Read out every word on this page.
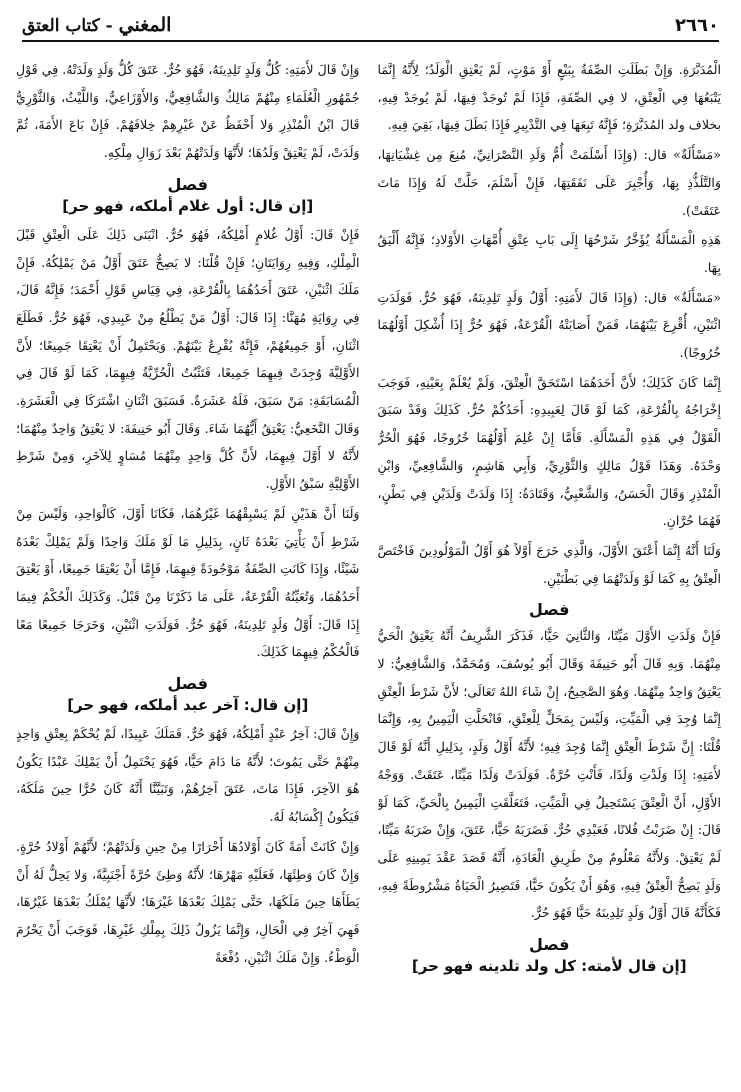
٢٦٦٠
المغني - كتاب العتق

الْمُدَبَّرَةِ. وَإِنْ بَطَلَتِ الصِّفَةُ بِبَيْعٍ أَوْ مَوْتٍ، لَمْ يَعْتِقِ الْوَلَدُ؛ لِأَنَّهُ إِنَّمَا يَتْبَعُهَا فِي الْعِتْقِ، لا فِي الصِّفَةِ، فَإِذَا لَمْ تُوجَدْ فِيهَا، لَمْ يُوجَدْ فِيهِ، بخلاف ولد المُدَبَّرَةِ؛ فَإِنَّهُ تَبِعَهَا فِي التَّدْبِيرِ فَإِذَا بَطَلَ فِيهَا، بَقِيَ فِيهِ.

«مَسْأَلَةٌ» قال: (وَإِذَا أَسْلَمَتْ أُمُّ وَلَدِ النَّصْرَانِيِّ، مُنِعَ مِن غِشْيَانِهَا، وَالتَّلَذُّذِ بِهَا، وَأُجْبِرَ عَلَى نَفَقَتِهَا، فَإِنْ أَسْلَمَ، حَلَّتْ لَهُ وَإِذَا مَاتَ عَتَقَتْ).

هَذِهِ الْمَسْأَلَةُ يُؤَخَّرُ شَرْحُهَا إِلَى بَابِ عِتْقِ أُمَّهَاتِ الأَوْلادِ؛ فَإِنَّهُ أَلْيَقُ بِهَا.

«مَسْأَلَةٌ» قال: (وَإِذَا قَالَ لأَمَتِهِ: أَوَّلُ وَلَدٍ تَلِدِينَهُ، فَهُوَ حُرٌّ. فَوَلَدَتِ اثْنَيْنِ، أُقْرِعَ بَيْنَهُمَا، فَمَنْ أَصَابَتْهُ الْقُرْعَةُ، فَهُوَ حُرٌّ إِذَا أُشْكِلَ أَوَّلُهُمَا خُرُوجًا).

إِنَّمَا كَانَ كَذَلِكَ؛ لأَنَّ أَحَدَهُمَا اسْتَحَقَّ الْعِتْقَ، وَلَمْ يُعْلَمْ بِعَيْنِهِ، فَوَجَبَ إِخْرَاجُهُ بِالْقُرْعَةِ، كَمَا لَوْ قَالَ لِعَبِيدِهِ: أَحَدُكُمْ حُرٌّ. كَذَلِكَ وَقَدْ سَبَقَ الْقَوْلُ فِي هَذِهِ الْمَسْأَلَةِ. فَأَمَّا إِنْ عُلِمَ أَوَّلُهُمَا خُرُوجًا، فَهُوَ الْحُرُّ وَحْدَهُ. وَهَذَا قَوْلُ مَالِكٍ وَالثَّوْرِيِّ، وَأَبِي هَاشِمٍ، وَالشَّافِعِيِّ، وَابْنِ الْمُنْذِرِ وَقَالَ الْحَسَنُ، وَالشَّعْبِيُّ، وَقَتَادَةُ: إِذَا وَلَدَتْ وَلَدَيْنِ فِي بَطْنٍ، فَهُمَا حُرَّانِ.

وَلَنَا أَنَّهُ إِنَّمَا أَعْتَقَ الأَوَّلَ، وَالَّذِي خَرَجَ أَوَّلاً هُوَ أَوَّلُ الْمَوْلُودِينَ فَاخْتَصَّ الْعِتْقُ بِهِ كَمَا لَوْ وَلَدَتْهُمَا فِي بَطْنَيْنِ.

فصل

فَإِنْ وَلَدَتِ الأَوَّلَ مَيِّتًا، وَالثَّانِيَ حَيًّا، فَذَكَرَ الشَّرِيفُ أَنَّهُ يَعْتِقُ الْحَيُّ مِنْهُمَا. وَبِهِ قَالَ أَبُو حَنِيفَةَ وَقَالَ أَبُو يُوسُفَ، وَمُحَمَّدٌ، وَالشَّافِعِيُّ: لا يَعْتِقُ وَاحِدٌ مِنْهُمَا. وَهُوَ الصَّحِيحُ، إِنْ شَاءَ اللهُ تَعَالَى؛ لأَنَّ شَرْطَ الْعِتْقِ إِنَّمَا وُجِدَ فِي الْمَيِّتِ، وَلَيْسَ بِمَحَلٍّ لِلْعِتْقِ، فَانْحَلَّتِ الْيَمِينُ بِهِ، وَإِنَّمَا قُلْنَا: إِنَّ شَرْطَ الْعِتْقِ إِنَّمَا وُجِدَ فِيهِ؛ لأَنَّهُ أَوَّلُ وَلَدٍ، بِدَلِيلِ أَنَّهُ لَوْ قَالَ لأَمَتِهِ: إِذَا وَلَدْتِ وَلَدًا، فَأَنْتِ حُرَّةٌ. فَوَلَدَتْ وَلَدًا مَيِّتًا، عَتَقَتْ. وَوَجْهُ الأَوَّلِ، أَنَّ الْعِتْقَ يَسْتَحِيلُ فِي الْمَيِّتِ، فَتَعَلَّقَتِ الْيَمِينُ بِالْحَيِّ، كَمَا لَوْ قَالَ: إِنْ ضَرَبْتُ فُلانًا، فَعَبْدِي حُرٌّ. فَضَرَبَهُ حَيًّا، عَتَقَ، وَإِنْ ضَرَبَهُ مَيِّتًا، لَمْ يَعْتِقْ. وَلأَنَّهُ مَعْلُومٌ مِنْ طَرِيقِ الْعَادَةِ، أَنَّهُ قَصَدَ عَقْدَ يَمِينِهِ عَلَى وَلَدٍ يَصِحُّ الْعِتْقُ فِيهِ، وَهُوَ أَنْ يَكُونَ حَيًّا، فَتَصِيرُ الْحَيَاةُ مَشْرُوطَةً فِيهِ، فَكَأَنَّهُ قَالَ أَوَّلُ وَلَدٍ تَلِدِينَهُ حَيًّا فَهُوَ حُرٌّ.

فصل
[إن قال لأمته: كل ولد تلدينه فهو حر]

وَإِنْ قَالَ لأَمَتِهِ: كُلُّ وَلَدٍ تَلِدِينَهُ، فَهُوَ حُرٌّ. عَتَقَ كُلُّ وَلَدٍ وَلَدَتْهُ. فِي قَوْلِ جُمْهُورِ الْعُلَمَاءِ مِنْهُمْ مَالِكٌ وَالشَّافِعِيُّ، وَالأَوْزَاعِيُّ، وَاللَّيْثُ، وَالثَّوْرِيُّ قَالَ ابْنُ الْمُنْذِرِ وَلا أَحْفَظُ عَنْ غَيْرِهِمْ خِلافَهُمْ. فَإِنْ بَاعَ الأَمَةَ، ثُمَّ وَلَدَتْ، لَمْ يَعْتِقْ وَلَدُهَا؛ لأَنَّهَا وَلَدَتْهُمْ بَعْدَ زَوَالِ مِلْكِهِ.

فصل
[إن قال: أول غلام أملكه، فهو حر]

فَإِنْ قَالَ: أَوَّلُ غُلامٍ أَمْلِكُهُ، فَهُوَ حُرٌّ. انْبَنَى ذَلِكَ عَلَى الْعِتْقِ قَبْلَ الْمِلْكِ، وَفِيهِ رِوَايَتَانِ؛ فَإِنْ قُلْنَا: لا يَصِحُّ عَتَقَ أَوَّلُ مَنْ يَمْلِكُهُ. فَإِنْ مَلَكَ اثْنَيْنِ، عَتَقَ أَحَدُهُمَا بِالْقُرْعَةِ، فِي قِيَاسِ قَوْلِ أَحْمَدَ؛ فَإِنَّهُ قَالَ، فِي رِوَايَةِ مُهَنَّا: إِذَا قَالَ: أَوَّلُ مَنْ يَطْلُعُ مِنْ عَبِيدِي، فَهُوَ حُرٌّ. فَطَلَعَ اثْنَانِ، أَوْ جَمِيعُهُمْ، فَإِنَّهُ يُقْرِعُ بَيْنَهُمْ. وَيَحْتَمِلُ أَنْ يَعْتِقَا جَمِيعًا؛ لأَنَّ الأَوَّلِيَّةَ وُجِدَتْ فِيهِمَا جَمِيعًا، فَتَثْبُتُ الْحُرِّيَّةُ فِيهِمَا، كَمَا لَوْ قَالَ فِي الْمُسَابَقَةِ: مَنْ سَبَقَ، فَلَهُ عَشَرَةٌ. فَسَبَقَ اثْنَانِ اشْتَرَكَا فِي الْعَشَرَةِ. وَقَالَ النَّخَعِيُّ: يَعْتِقُ أَيُّهُمَا شَاءَ. وَقَالَ أَبُو حَنِيفَةَ: لا يَعْتِقُ وَاحِدٌ مِنْهُمَا؛ لأَنَّهُ لا أَوَّلَ فِيهِمَا، لأَنَّ كُلَّ وَاحِدٍ مِنْهُمَا مُسَاوٍ لِلآخَرِ، وَمِنْ شَرْطِ الأَوَّلِيَّةِ سَبْقُ الأَوَّلِ.

وَلَنَا أَنَّ هَذَيْنِ لَمْ يَسْبِقْهُمَا غَيْرُهُمَا، فَكَانَا أَوَّلَ، كَالْوَاحِدِ، وَلَيْسَ مِنْ شَرْطِ أَنْ يَأْتِيَ بَعْدَهُ ثَانٍ، بِدَلِيلِ مَا لَوْ مَلَكَ وَاحِدًا وَلَمْ يَمْلِكْ بَعْدَهُ شَيْئًا، وَإِذَا كَانَتِ الصِّفَةُ مَوْجُودَةً فِيهِمَا، فَإِمَّا أَنْ يَعْتِقَا جَمِيعًا، أَوْ يَعْتِقَ أَحَدُهُمَا، وَتُعَيِّنُهُ الْقُرْعَةُ، عَلَى مَا ذَكَرْنَا مِنْ قَبْلُ. وَكَذَلِكَ الْحُكْمُ فِيمَا إِذَا قَالَ: أَوَّلُ وَلَدٍ تَلِدِينَهُ، فَهُوَ حُرٌّ. فَوَلَدَتِ اثْنَيْنِ، وَخَرَجَا جَمِيعًا مَعًا فَالْحُكْمُ فِيهِمَا كَذَلِكَ.

فصل
[إن قال: آخر عبد أملكه، فهو حر]

وَإِنْ قَالَ: آخِرُ عَبْدٍ أَمْلِكُهُ، فَهُوَ حُرٌّ. فَمَلَكَ عَبِيدًا، لَمْ يُحْكَمْ بِعِتْقِ وَاحِدٍ مِنْهُمْ حَتَّى يَمُوتَ؛ لأَنَّهُ مَا دَامَ حَيًّا، فَهُوَ يَحْتَمِلُ أَنْ يَمْلِكَ عَبْدًا يَكُونُ هُوَ الآخِرَ، فَإِذَا مَاتَ، عَتَقَ آخِرُهُمْ، وَتَبَيَّنَّا أَنَّهُ كَانَ حُرًّا حِينَ مَلَكَهُ، فَيَكُونُ إِكْسَابُهُ لَهُ.

وَإِنْ كَانَتْ أَمَةً كَانَ أَوْلادُهَا أَحْرَارًا مِنْ حِينِ وَلَدَتْهُمْ؛ لأَنَّهُمْ أَوْلادُ حُرَّةٍ. وَإِنْ كَانَ وَطِئَهَا، فَعَلَيْهِ مَهْرُهَا؛ لأَنَّهُ وَطِئَ حُرَّةً أَجْنَبِيَّةً، وَلا يَحِلُّ لَهُ أَنْ يَطَأَهَا حِينَ مَلَكَهَا، حَتَّى يَمْلِكَ بَعْدَهَا غَيْرَهَا؛ لأَنَّهَا يُمْلَكُ بَعْدَهَا غَيْرُهَا، فَهِيَ آخِرٌ فِي الْحَالِ، وَإِنَّمَا يَزُولُ ذَلِكَ بِمِلْكِ غَيْرِهَا، فَوَجَبَ أَنْ يَحْرُمَ الْوَطْءُ. وَإِنْ مَلَكَ اثْنَيْنِ، دُفْعَةً
